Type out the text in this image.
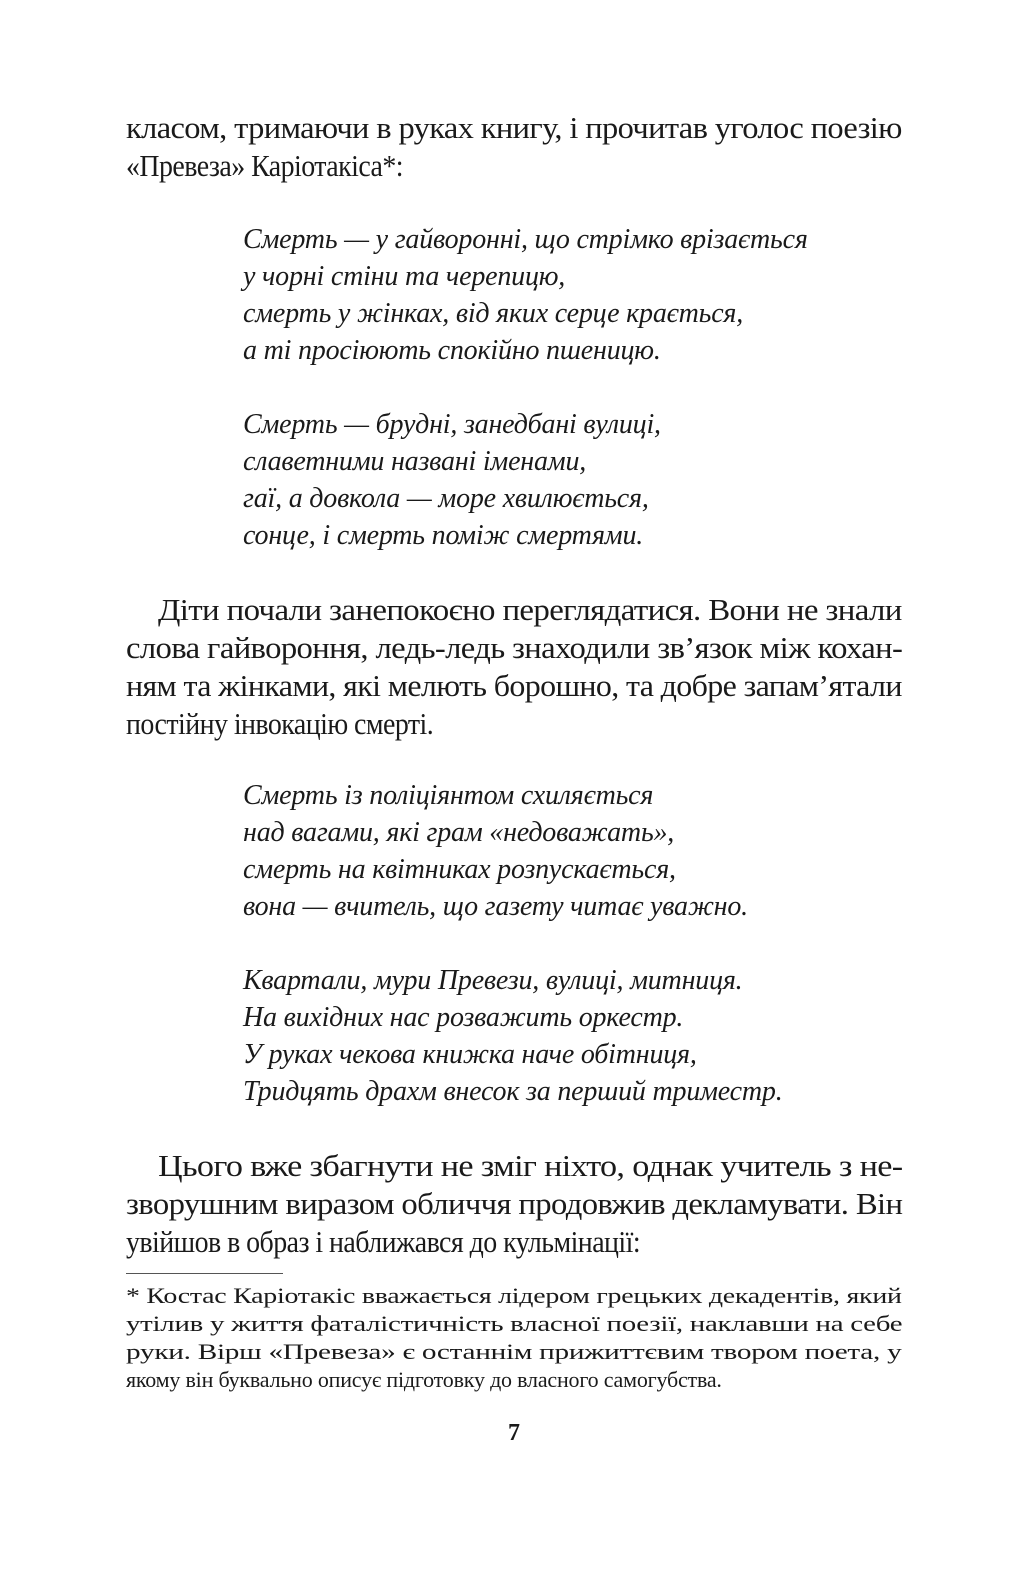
класом, тримаючи в руках книгу, і прочитав уголос поезію
«Превеза» Каріотакіса*:
Смерть — у гайворонні, що стрімко врізається
у чорні стіни та черепицю,
смерть у жінках, від яких серце крається,
а ті просіюють спокійно пшеницю.
Смерть — брудні, занедбані вулиці,
славетними названі іменами,
гаї, а довкола — море хвилюється,
сонце, і смерть поміж смертями.
Діти почали занепокоєно переглядатися. Вони не знали
слова гайвороння, ледь-ледь знаходили зв’язок між кохан-
ням та жінками, які мелють борошно, та добре запам’ятали
постійну інвокацію смерті.
Смерть із поліціянтом схиляється
над вагами, які грам «недоважать»,
смерть на квітниках розпускається,
вона — вчитель, що газету читає уважно.
Квартали, мури Превези, вулиці, митниця.
На вихідних нас розважить оркестр.
У руках чекова книжка наче обітниця,
Тридцять драхм внесок за перший триместр.
Цього вже збагнути не зміг ніхто, однак учитель з не-
зворушним виразом обличчя продовжив декламувати. Він
увійшов в образ і наближався до кульмінації:
* Костас Каріотакіс вважається лідером грецьких декадентів, який
утілив у життя фаталістичність власної поезії, наклавши на себе
руки. Вірш «Превеза» є останнім прижиттєвим твором поета, у
якому він буквально описує підготовку до власного самогубства.
7
